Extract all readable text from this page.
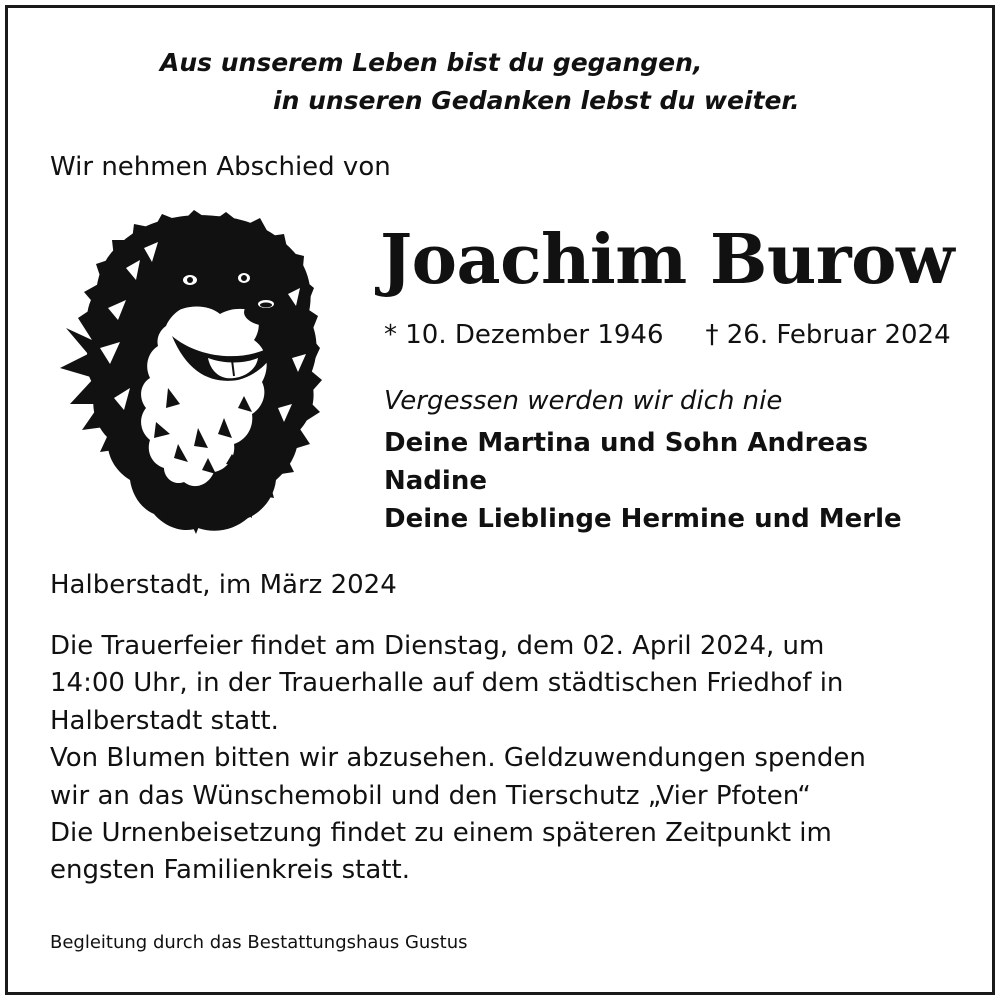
Aus unserem Leben bist du gegangen,
in unseren Gedanken lebst du weiter.
Wir nehmen Abschied von
Joachim Burow
* 10. Dezember 1946 † 26. Februar 2024
Vergessen werden wir dich nie
Deine Martina und Sohn Andreas
Nadine
Deine Lieblinge Hermine und Merle
Halberstadt, im März 2024
Die Trauerfeier findet am Dienstag, dem 02. April 2024, um
14:00 Uhr, in der Trauerhalle auf dem städtischen Friedhof in
Halberstadt statt.
Von Blumen bitten wir abzusehen. Geldzuwendungen spenden
wir an das Wünschemobil und den Tierschutz „Vier Pfoten“
Die Urnenbeisetzung findet zu einem späteren Zeitpunkt im
engsten Familienkreis statt.
Begleitung durch das Bestattungshaus Gustus
